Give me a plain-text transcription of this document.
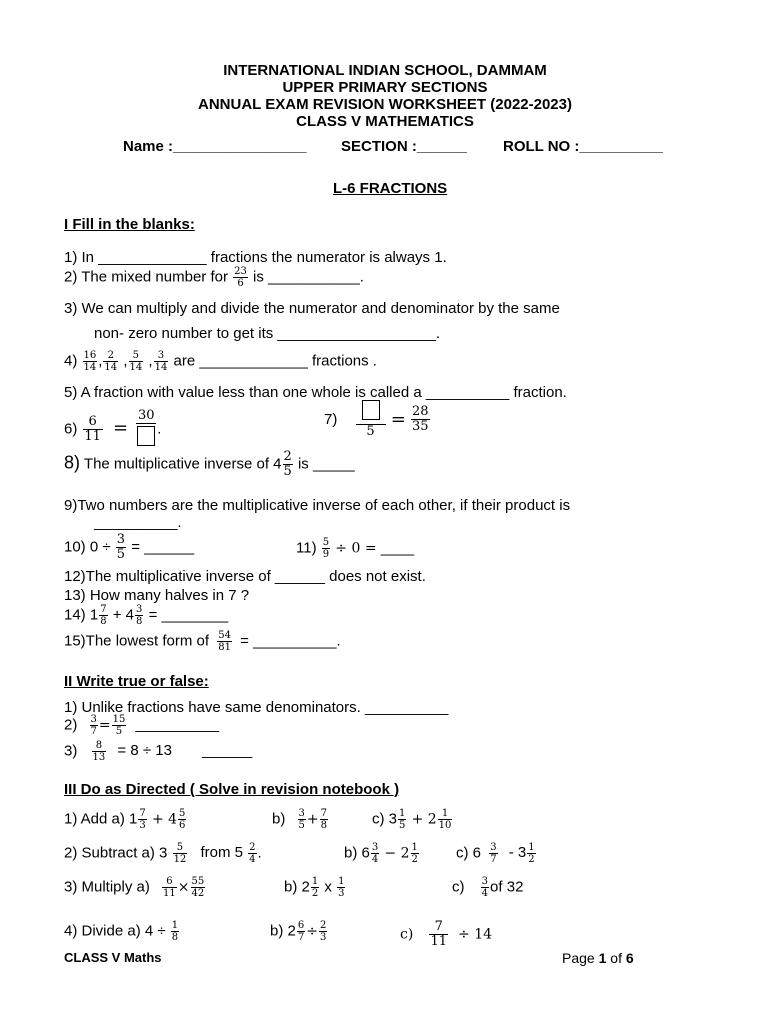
INTERNATIONAL INDIAN SCHOOL, DAMMAM
UPPER PRIMARY SECTIONS
ANNUAL EXAM REVISION WORKSHEET (2022-2023)
CLASS V MATHEMATICS
Name :________________ SECTION :______ ROLL NO :__________
L-6 FRACTIONS
I Fill in the blanks:
1) In _____________ fractions the numerator is always 1.
2) The mixed number for $\frac{23}{6}$ is ___________.
3) We can multiply and divide the numerator and denominator by the same
non- zero number to get its ___________________.
$4) \frac{16}{14}$ , $\frac{2}{14}$ , $\frac{5}{14}$ , $\frac{3}{14}$ are _____________ fractions .
5) A fraction with value less than one whole is called a __________ fraction.
$6) \frac{6}{11}$ =
30
.
7)
5
= $\frac{28}{35}$
8) The multiplicative inverse of $4 \frac{2}{5}$ is _____
9)Two numbers are the multiplicative inverse of each other, if their product is
__________.
10) $0 \div \frac{3}{5}$ = ______	$11) \frac{5}{9} \div 0$ = ____
12)The multiplicative inverse of ______ does not exist.
13) How many halves in 7 ?
14) $1 \frac{7}{8} + 4 \frac{3}{8}$ = ________
15)The lowest form of $\frac{54}{81}$ = __________.
II Write true or false:
1) Unlike fractions have same denominators. __________
$2) \frac{3}{7} = \frac{15}{5}$ __________
$3) \frac{8}{13} = 8 \div 13$ ______
III Do as Directed ( Solve in revision notebook )
1) Add a) $1 \frac{7}{3} + 4 \frac{5}{6}$	$b) \frac{3}{5} + \frac{7}{8}$	c) $3 \frac{1}{5} + 2 \frac{1}{10}$
2) Subtract a) $3 \frac{5}{12}$ from $5 \frac{2}{4}$ .	b) $6 \frac{3}{4} - 2 \frac{1}{2} c$) $6 \frac{3}{7} - 3 \frac{1}{2}$
3) Multiply $a) \frac{6}{11} \times \frac{55}{42}$	b) $2 \frac{1}{2}$ x $\frac{1}{3}$	$c) \frac{3}{4}$ of 32
4) Divide a) $4 \div \frac{1}{8}$	b) $2 \frac{6}{7} \div \frac{2}{3}$	$c) \frac{7}{11} \div 14$
CLASS V Maths	Page 1 of 6
